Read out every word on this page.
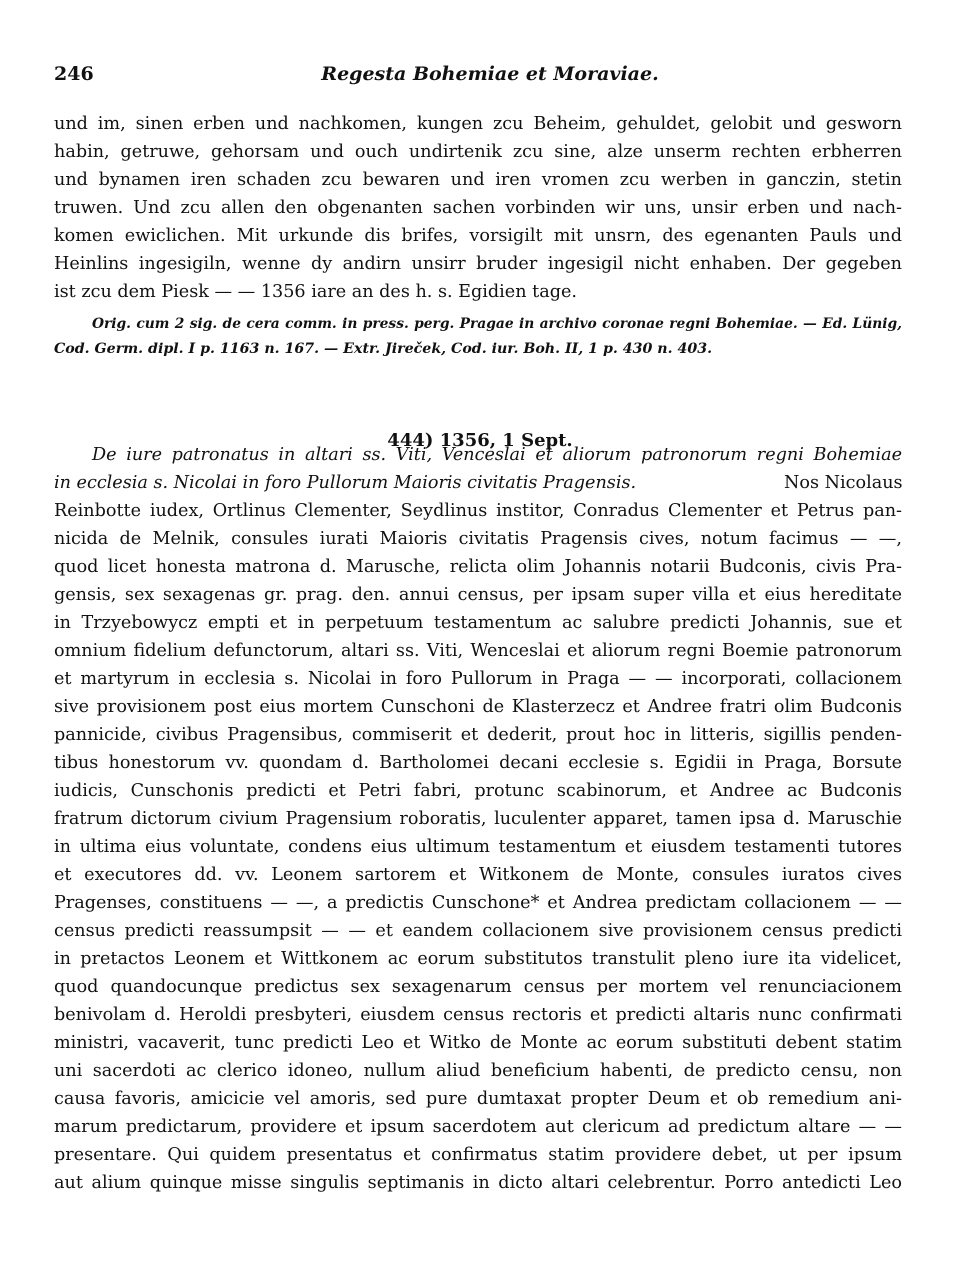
246	Regesta Bohemiae et Moraviae.
und im, sinen erben und nachkomen, kungen zcu Beheim, gehuldet, gelobit und gesworn
habin, getruwe, gehorsam und ouch undirtenik zcu sine, alze unserm rechten erbherren
und bynamen iren schaden zcu bewaren und iren vromen zcu werben in ganczin, stetin
truwen. Und zcu allen den obgenanten sachen vorbinden wir uns, unsir erben und nach-
komen ewiclichen. Mit urkunde dis brifes, vorsigilt mit unsrn, des egenanten Pauls und
Heinlins ingesigiln, wenne dy andirn unsirr bruder ingesigil nicht enhaben. Der gegeben
ist zcu dem Piesk — — 1356 iare an des h. s. Egidien tage.
Orig. cum 2 sig. de cera comm. in press. perg. Pragae in archivo coronae regni Bohemiae. — Ed. Lünig,
Cod. Germ. dipl. I p. 1163 n. 167. — Extr. Jireček, Cod. iur. Boh. II, 1 p. 430 n. 403.
444) 1356, 1 Sept.
De iure patronatus in altari ss. Viti, Venceslai et aliorum patronorum regni Bohemiae
in ecclesia s. Nicolai in foro Pullorum Maioris civitatis Pragensis.	Nos Nicolaus
Reinbotte iudex, Ortlinus Clementer, Seydlinus institor, Conradus Clementer et Petrus pan-
nicida de Melnik, consules iurati Maioris civitatis Pragensis cives, notum facimus — —,
quod licet honesta matrona d. Marusche, relicta olim Johannis notarii Budconis, civis Pra-
gensis, sex sexagenas gr. prag. den. annui census, per ipsam super villa et eius hereditate
in Trzyebowycz empti et in perpetuum testamentum ac salubre predicti Johannis, sue et
omnium fidelium defunctorum, altari ss. Viti, Wenceslai et aliorum regni Boemie patronorum
et martyrum in ecclesia s. Nicolai in foro Pullorum in Praga — — incorporati, collacionem
sive provisionem post eius mortem Cunschoni de Klasterzecz et Andree fratri olim Budconis
pannicide, civibus Pragensibus, commiserit et dederit, prout hoc in litteris, sigillis penden-
tibus honestorum vv. quondam d. Bartholomei decani ecclesie s. Egidii in Praga, Borsute
iudicis, Cunschonis predicti et Petri fabri, protunc scabinorum, et Andree ac Budconis
fratrum dictorum civium Pragensium roboratis, luculenter apparet, tamen ipsa d. Maruschie
in ultima eius voluntate, condens eius ultimum testamentum et eiusdem testamenti tutores
et executores dd. vv. Leonem sartorem et Witkonem de Monte, consules iuratos cives
Pragenses, constituens — —, a predictis Cunschone* et Andrea predictam collacionem — —
census predicti reassumpsit — — et eandem collacionem sive provisionem census predicti
in pretactos Leonem et Wittkonem ac eorum substitutos transtulit pleno iure ita videlicet,
quod quandocunque predictus sex sexagenarum census per mortem vel renunciacionem
benivolam d. Heroldi presbyteri, eiusdem census rectoris et predicti altaris nunc confirmati
ministri, vacaverit, tunc predicti Leo et Witko de Monte ac eorum substituti debent statim
uni sacerdoti ac clerico idoneo, nullum aliud beneficium habenti, de predicto censu, non
causa favoris, amicicie vel amoris, sed pure dumtaxat propter Deum et ob remedium ani-
marum predictarum, providere et ipsum sacerdotem aut clericum ad predictum altare — —
presentare. Qui quidem presentatus et confirmatus statim providere debet, ut per ipsum
aut alium quinque misse singulis septimanis in dicto altari celebrentur. Porro antedicti Leo
